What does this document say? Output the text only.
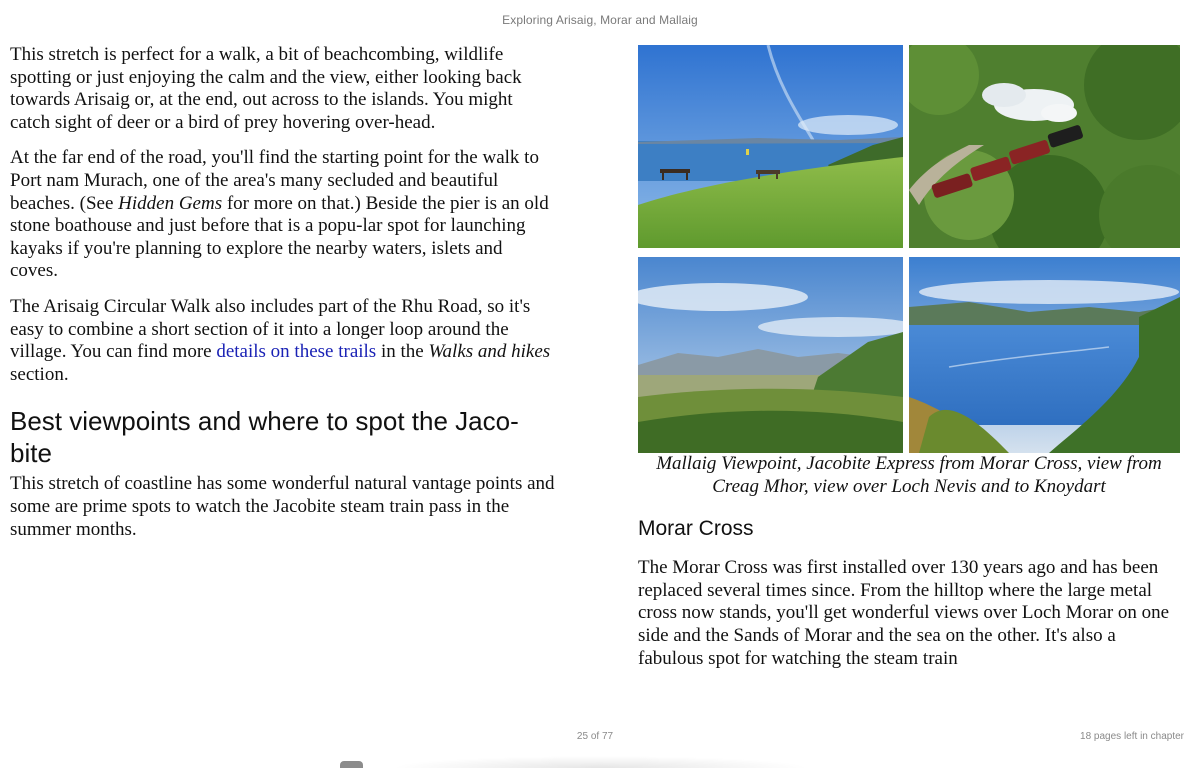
Exploring Arisaig, Morar and Mallaig

This stretch is perfect for a walk, a bit of beachcombing, wildlife spotting or just enjoying the calm and the view, either looking back towards Arisaig or, at the end, out across to the islands. You might catch sight of deer or a bird of prey hovering over-head.

At the far end of the road, you'll find the starting point for the walk to Port nam Murach, one of the area's many secluded and beautiful beaches. (See Hidden Gems for more on that.) Beside the pier is an old stone boathouse and just before that is a popu-lar spot for launching kayaks if you're planning to explore the nearby waters, islets and coves.

The Arisaig Circular Walk also includes part of the Rhu Road, so it's easy to combine a short section of it into a longer loop around the village. You can find more details on these trails in the Walks and hikes section.

Best viewpoints and where to spot the Jaco-bite

This stretch of coastline has some wonderful natural vantage points and some are prime spots to watch the Jacobite steam train pass in the summer months.

Mallaig Viewpoint, Jacobite Express from Morar Cross, view from Creag Mhor, view over Loch Nevis and to Knoydart

Morar Cross

The Morar Cross was first installed over 130 years ago and has been replaced several times since. From the hilltop where the large metal cross now stands, you'll get wonderful views over Loch Morar on one side and the Sands of Morar and the sea on the other. It's also a fabulous spot for watching the steam train

25 of 77	18 pages left in chapter
